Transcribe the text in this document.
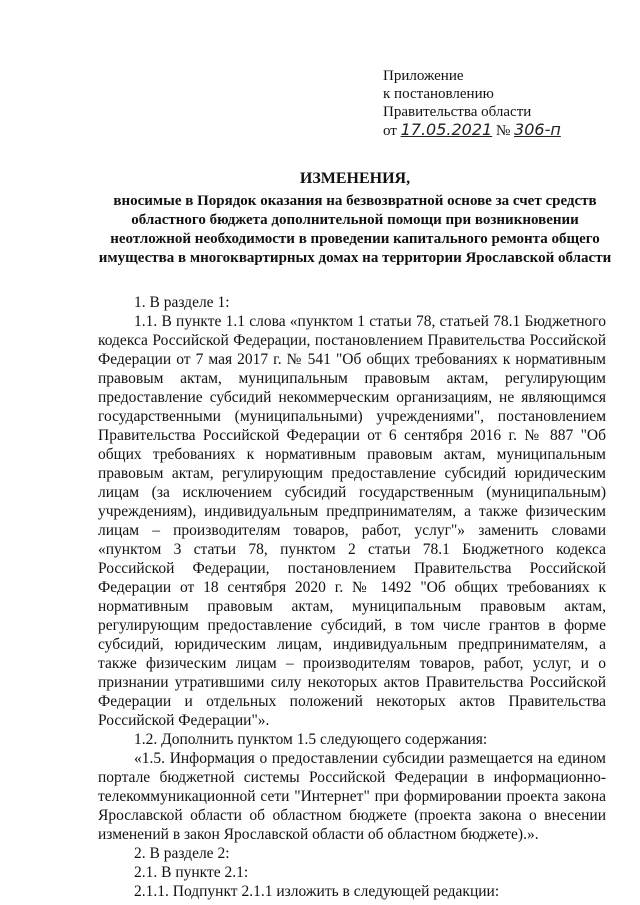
Приложение
к постановлению
Правительства области
от 17.05.2021 № 306-п
ИЗМЕНЕНИЯ,
вносимые в Порядок оказания на безвозвратной основе за счет средств областного бюджета дополнительной помощи при возникновении неотложной необходимости в проведении капитального ремонта общего имущества в многоквартирных домах на территории Ярославской области

1. В разделе 1:

1.1. В пункте 1.1 слова «пунктом 1 статьи 78, статьей 78.1 Бюджетного кодекса Российской Федерации, постановлением Правительства Российской Федерации от 7 мая 2017 г. № 541 "Об общих требованиях к нормативным правовым актам, муниципальным правовым актам, регулирующим предоставление субсидий некоммерческим организациям, не являющимся государственными (муниципальными) учреждениями", постановлением Правительства Российской Федерации от 6 сентября 2016 г. № 887 "Об общих требованиях к нормативным правовым актам, муниципальным правовым актам, регулирующим предоставление субсидий юридическим лицам (за исключением субсидий государственным (муниципальным) учреждениям), индивидуальным предпринимателям, а также физическим лицам – производителям товаров, работ, услуг"» заменить словами «пунктом 3 статьи 78, пунктом 2 статьи 78.1 Бюджетного кодекса Российской Федерации, постановлением Правительства Российской Федерации от 18 сентября 2020 г. № 1492 "Об общих требованиях к нормативным правовым актам, муниципальным правовым актам, регулирующим предоставление субсидий, в том числе грантов в форме субсидий, юридическим лицам, индивидуальным предпринимателям, а также физическим лицам – производителям товаров, работ, услуг, и о признании утратившими силу некоторых актов Правительства Российской Федерации и отдельных положений некоторых актов Правительства Российской Федерации"».

1.2. Дополнить пунктом 1.5 следующего содержания:

«1.5. Информация о предоставлении субсидии размещается на едином портале бюджетной системы Российской Федерации в информационно-телекоммуникационной сети "Интернет" при формировании проекта закона Ярославской области об областном бюджете (проекта закона о внесении изменений в закон Ярославской области об областном бюджете).».

2. В разделе 2:

2.1. В пункте 2.1:

2.1.1. Подпункт 2.1.1 изложить в следующей редакции:
